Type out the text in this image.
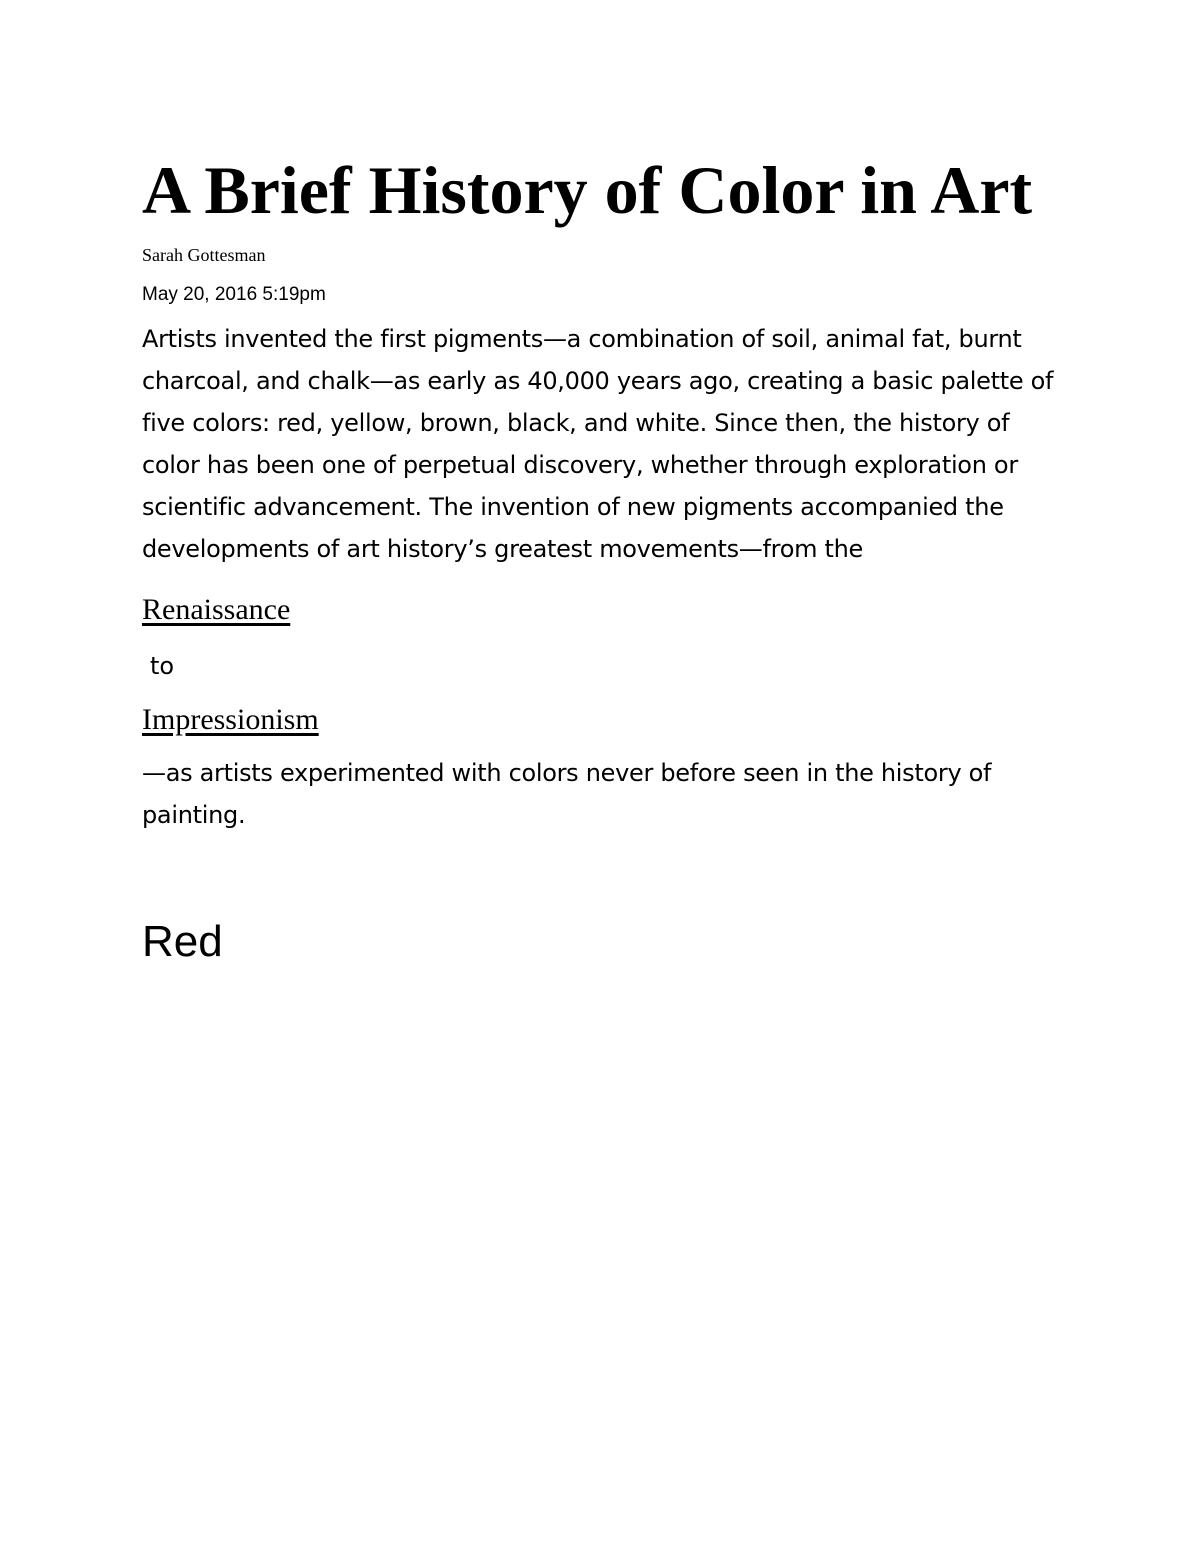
A Brief History of Color in Art
Sarah Gottesman
May 20, 2016 5:19pm

Artists invented the first pigments—a combination of soil, animal fat, burnt charcoal, and chalk—as early as 40,000 years ago, creating a basic palette of five colors: red, yellow, brown, black, and white. Since then, the history of color has been one of perpetual discovery, whether through exploration or scientific advancement. The invention of new pigments accompanied the developments of art history’s greatest movements—from the

Renaissance
to
Impressionism

—as artists experimented with colors never before seen in the history of painting.

Red
